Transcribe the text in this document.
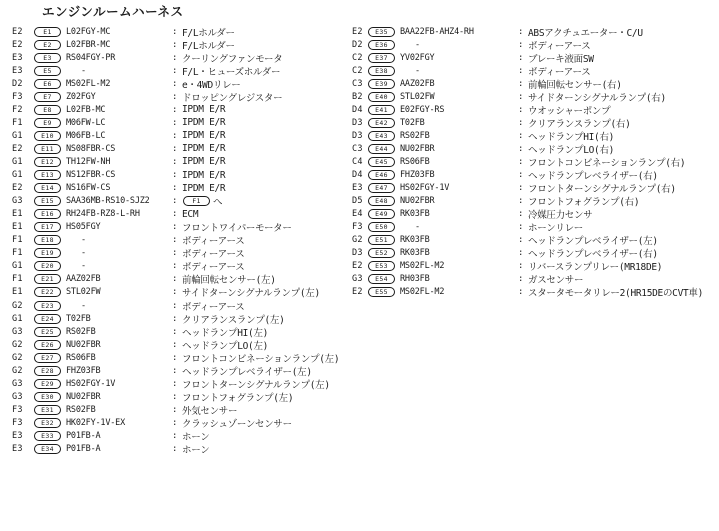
エンジンルームハーネス
E2	E1	L02FGY-MC	: F/Lホルダー
E2	E2	L02FBR-MC	: F/Lホルダー
E3	E3	RS04FGY-PR	: クーリングファンモータ
E3	E5	-	: F/L・ヒューズホルダー
D2	E6	MS02FL-M2	: e・4WDリレー
F3	E7	Z02FGY	: ドロッピングレジスター
F2	E8	L02FB-MC	: IPDM E/R
F1	E9	M06FW-LC	: IPDM E/R
G1	E10	M06FB-LC	: IPDM E/R
E2	E11	NS08FBR-CS	: IPDM E/R
G1	E12	TH12FW-NH	: IPDM E/R
G1	E13	NS12FBR-CS	: IPDM E/R
E2	E14	NS16FW-CS	: IPDM E/R
G3	E15	SAA36MB-RS10-SJZ2	:	F1	へ
E1	E16	RH24FB-RZ8-L-RH	: ECM
E1	E17	HS05FGY	: フロントワイパーモーター
F1	E18	-	: ボディーアース
F1	E19	-	: ボディーアース
G1	E20	-	: ボディーアース
F1	E21	AAZ02FB	: 前輪回転センサー(左)
E1	E22	STL02FW	: サイドターンシグナルランプ(左)
G2	E23	-	: ボディーアース
G1	E24	T02FB	: クリアランスランプ(左)
G3	E25	RS02FB	: ヘッドランプHI(左)
G2	E26	NU02FBR	: ヘッドランプLO(左)
G2	E27	RS06FB	: フロントコンビネーションランプ(左)
G2	E28	FHZ03FB	: ヘッドランプレベライザー(左)
G3	E29	HS02FGY-1V	: フロントターンシグナルランプ(左)
G3	E30	NU02FBR	: フロントフォグランプ(左)
F3	E31	RS02FB	: 外気センサー
F3	E32	HK02FY-1V-EX	: クラッシュゾーンセンサー
E3	E33	P01FB-A	: ホーン
E3	E34	P01FB-A	: ホーン
E2	E35	BAA22FB-AHZ4-RH	: ABSアクチュエーター・C/U
D2	E36	-	: ボディーアース
C2	E37	YV02FGY	: ブレーキ液面SW
C2	E38	-	: ボディーアース
C3	E39	AAZ02FB	: 前輪回転センサー(右)
B2	E40	STL02FW	: サイドターンシグナルランプ(右)
D4	E41	E02FGY-RS	: ウオッシャーポンプ
D3	E42	T02FB	: クリアランスランプ(右)
D3	E43	RS02FB	: ヘッドランプHI(右)
C3	E44	NU02FBR	: ヘッドランプLO(右)
C4	E45	RS06FB	: フロントコンビネーションランプ(右)
D4	E46	FHZ03FB	: ヘッドランプレベライザー(右)
E3	E47	HS02FGY-1V	: フロントターンシグナルランプ(右)
D5	E48	NU02FBR	: フロントフォグランプ(右)
E4	E49	RK03FB	: 冷媒圧力センサ
F3	E50	-	: ホーンリレー
G2	E51	RK03FB	: ヘッドランプレベライザー(左)
D3	E52	RK03FB	: ヘッドランプレベライザー(右)
E2	E53	MS02FL-M2	: リバースランプリレー(MR18DE)
G3	E54	RH03FB	: ガスセンサー
E2	E55	MS02FL-M2	: スタータモータリレー2(HR15DEのCVT車)
